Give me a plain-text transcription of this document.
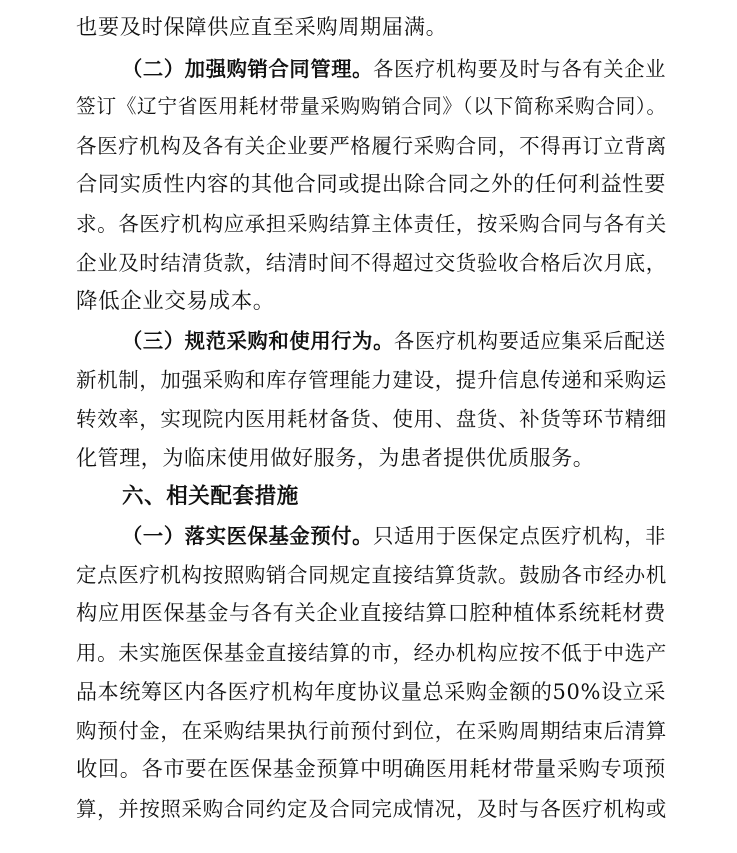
也要及时保障供应直至采购周期届满。
（二）加强购销合同管理。各医疗机构要及时与各有关企业
签订《辽宁省医用耗材带量采购购销合同》（以下简称采购合同）。
各医疗机构及各有关企业要严格履行采购合同，不得再订立背离
合同实质性内容的其他合同或提出除合同之外的任何利益性要
求。各医疗机构应承担采购结算主体责任，按采购合同与各有关
企业及时结清货款，结清时间不得超过交货验收合格后次月底，
降低企业交易成本。
（三）规范采购和使用行为。各医疗机构要适应集采后配送
新机制，加强采购和库存管理能力建设，提升信息传递和采购运
转效率，实现院内医用耗材备货、使用、盘货、补货等环节精细
化管理，为临床使用做好服务，为患者提供优质服务。
六、相关配套措施
（一）落实医保基金预付。只适用于医保定点医疗机构，非
定点医疗机构按照购销合同规定直接结算货款。鼓励各市经办机
构应用医保基金与各有关企业直接结算口腔种植体系统耗材费
用。未实施医保基金直接结算的市，经办机构应按不低于中选产
品本统筹区内各医疗机构年度协议量总采购金额的50%设立采
购预付金，在采购结果执行前预付到位，在采购周期结束后清算
收回。各市要在医保基金预算中明确医用耗材带量采购专项预
算，并按照采购合同约定及合同完成情况，及时与各医疗机构或
